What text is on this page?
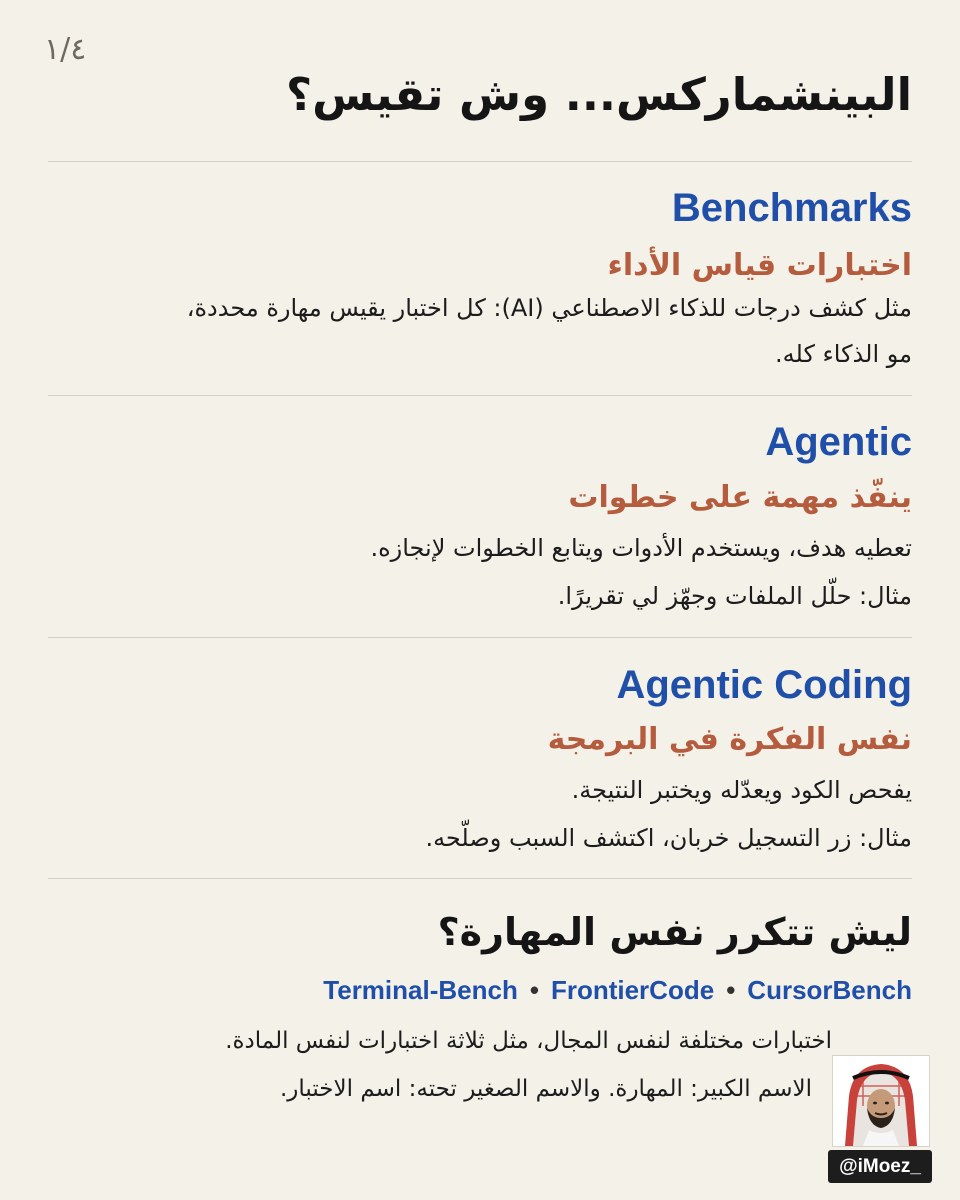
١/٤
البينشماركس... وش تقيس؟
Benchmarks
اختبارات قياس الأداء

مثل كشف درجات للذكاء الاصطناعي (AI): كل اختبار يقيس مهارة محددة،

مو الذكاء كله.

Agentic
ينفّذ مهمة على خطوات

تعطيه هدف، ويستخدم الأدوات ويتابع الخطوات لإنجازه.

مثال: حلّل الملفات وجهّز لي تقريرًا.

Agentic Coding
نفس الفكرة في البرمجة

يفحص الكود ويعدّله ويختبر النتيجة.

مثال: زر التسجيل خربان، اكتشف السبب وصلّحه.

ليش تتكرر نفس المهارة؟
Terminal-Bench • FrontierCode • CursorBench

اختبارات مختلفة لنفس المجال، مثل ثلاثة اختبارات لنفس المادة.

الاسم الكبير: المهارة. والاسم الصغير تحته: اسم الاختبار.

@iMoez_
